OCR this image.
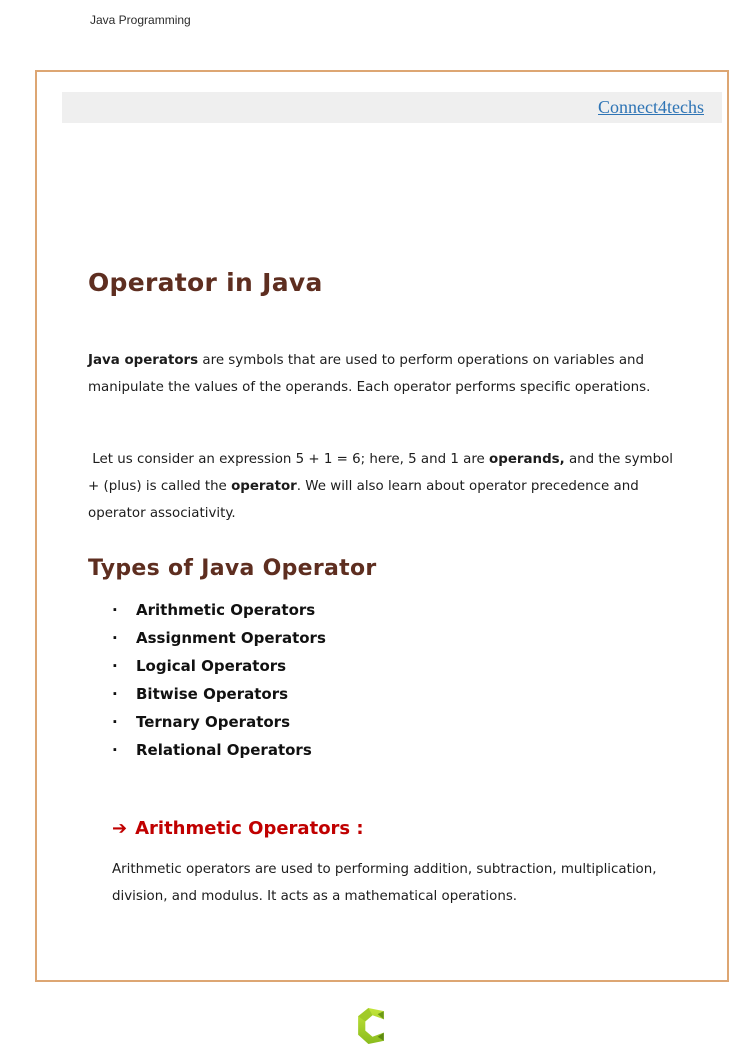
Java Programming
Connect4techs
Operator in Java
Java operators are symbols that are used to perform operations on variables and manipulate the values of the operands. Each operator performs specific operations.
Let us consider an expression 5 + 1 = 6; here, 5 and 1 are operands, and the symbol + (plus) is called the operator. We will also learn about operator precedence and operator associativity.
Types of Java Operator
·	Arithmetic Operators
·	Assignment Operators
·	Logical Operators
·	Bitwise Operators
·	Ternary Operators
·	Relational Operators
➔ Arithmetic Operators :
Arithmetic operators are used to performing addition, subtraction, multiplication, division, and modulus. It acts as a mathematical operations.
